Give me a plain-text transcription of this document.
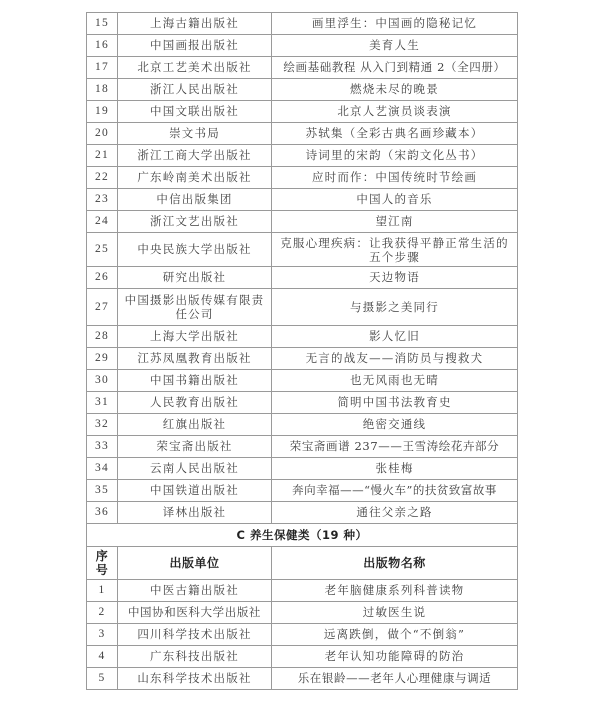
15	上海古籍出版社	画里浮生：中国画的隐秘记忆
16	中国画报出版社	美育人生
17	北京工艺美术出版社	绘画基础教程 从入门到精通 2（全四册）
18	浙江人民出版社	燃烧未尽的晚景
19	中国文联出版社	北京人艺演员谈表演
20	崇文书局	苏轼集（全彩古典名画珍藏本）
21	浙江工商大学出版社	诗词里的宋韵（宋韵文化丛书）
22	广东岭南美术出版社	应时而作：中国传统时节绘画
23	中信出版集团	中国人的音乐
24	浙江文艺出版社	望江南
25	中央民族大学出版社	克服心理疾病：让我获得平静正常生活的五个步骤
26	研究出版社	天边物语
27	中国摄影出版传媒有限责任公司	与摄影之美同行
28	上海大学出版社	影人忆旧
29	江苏凤凰教育出版社	无言的战友——消防员与搜救犬
30	中国书籍出版社	也无风雨也无晴
31	人民教育出版社	简明中国书法教育史
32	红旗出版社	绝密交通线
33	荣宝斋出版社	荣宝斋画谱 237——王雪涛绘花卉部分
34	云南人民出版社	张桂梅
35	中国铁道出版社	奔向幸福——“慢火车”的扶贫致富故事
36	译林出版社	通往父亲之路
C 养生保健类（19 种）		
序号	出版单位	出版物名称
1	中医古籍出版社	老年脑健康系列科普读物
2	中国协和医科大学出版社	过敏医生说
3	四川科学技术出版社	远离跌倒，做个“不倒翁”
4	广东科技出版社	老年认知功能障碍的防治
5	山东科学技术出版社	乐在银龄——老年人心理健康与调适
